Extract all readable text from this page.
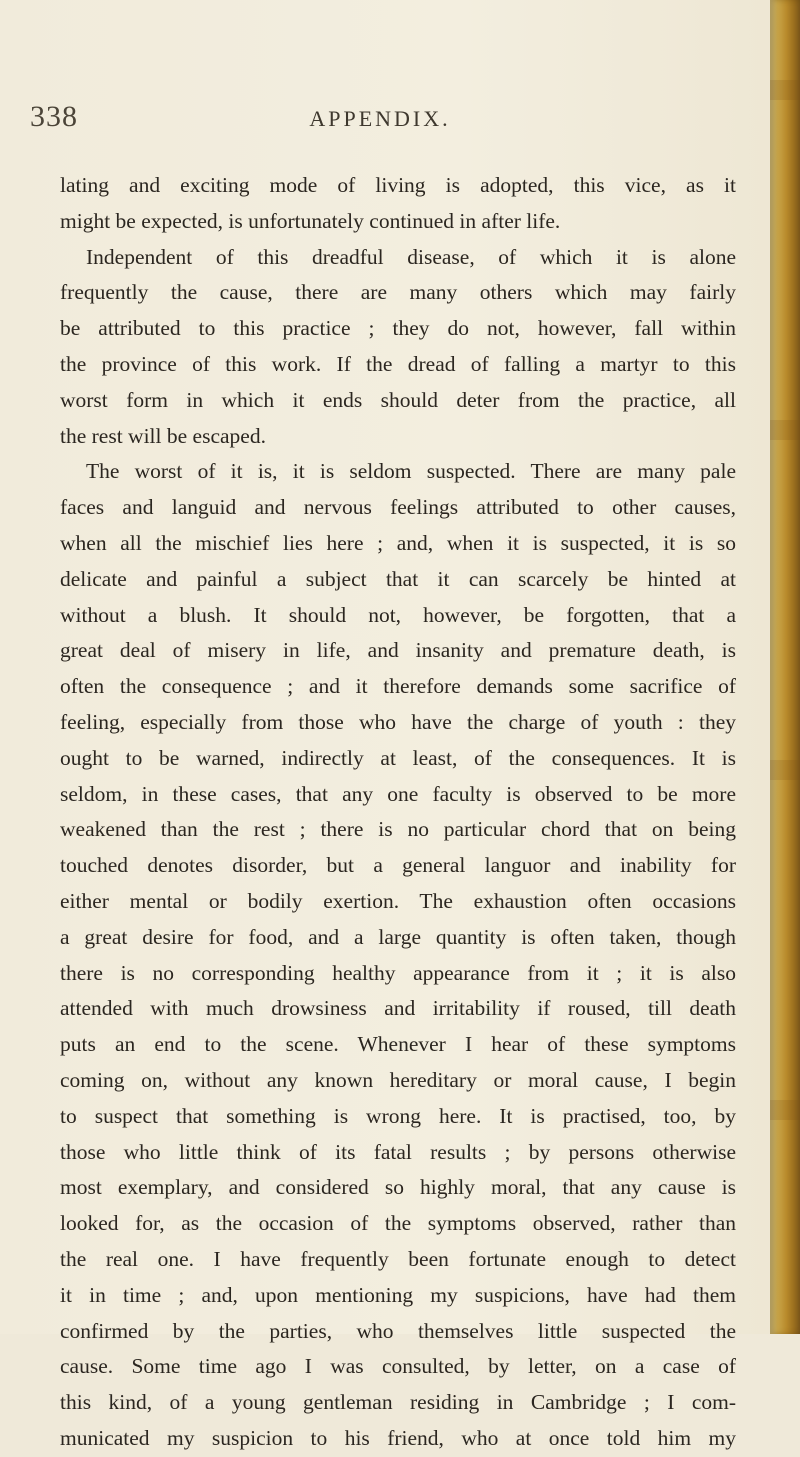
338	APPENDIX.
lating and exciting mode of living is adopted, this vice, as it
might be expected, is unfortunately continued in after life.
Independent of this dreadful disease, of which it is alone
frequently the cause, there are many others which may fairly
be attributed to this practice ; they do not, however, fall within
the province of this work. If the dread of falling a martyr to this
worst form in which it ends should deter from the practice, all
the rest will be escaped.
The worst of it is, it is seldom suspected. There are many pale
faces and languid and nervous feelings attributed to other causes,
when all the mischief lies here ; and, when it is suspected, it is so
delicate and painful a subject that it can scarcely be hinted at
without a blush. It should not, however, be forgotten, that a
great deal of misery in life, and insanity and premature death, is
often the consequence ; and it therefore demands some sacrifice of
feeling, especially from those who have the charge of youth : they
ought to be warned, indirectly at least, of the consequences. It is
seldom, in these cases, that any one faculty is observed to be more
weakened than the rest ; there is no particular chord that on being
touched denotes disorder, but a general languor and inability for
either mental or bodily exertion. The exhaustion often occasions
a great desire for food, and a large quantity is often taken, though
there is no corresponding healthy appearance from it ; it is also
attended with much drowsiness and irritability if roused, till death
puts an end to the scene. Whenever I hear of these symptoms
coming on, without any known hereditary or moral cause, I begin
to suspect that something is wrong here. It is practised, too, by
those who little think of its fatal results ; by persons otherwise
most exemplary, and considered so highly moral, that any cause is
looked for, as the occasion of the symptoms observed, rather than
the real one. I have frequently been fortunate enough to detect
it in time ; and, upon mentioning my suspicions, have had them
confirmed by the parties, who themselves little suspected the
cause. Some time ago I was consulted, by letter, on a case of
this kind, of a young gentleman residing in Cambridge ; I com-
municated my suspicion to his friend, who at once told him my
